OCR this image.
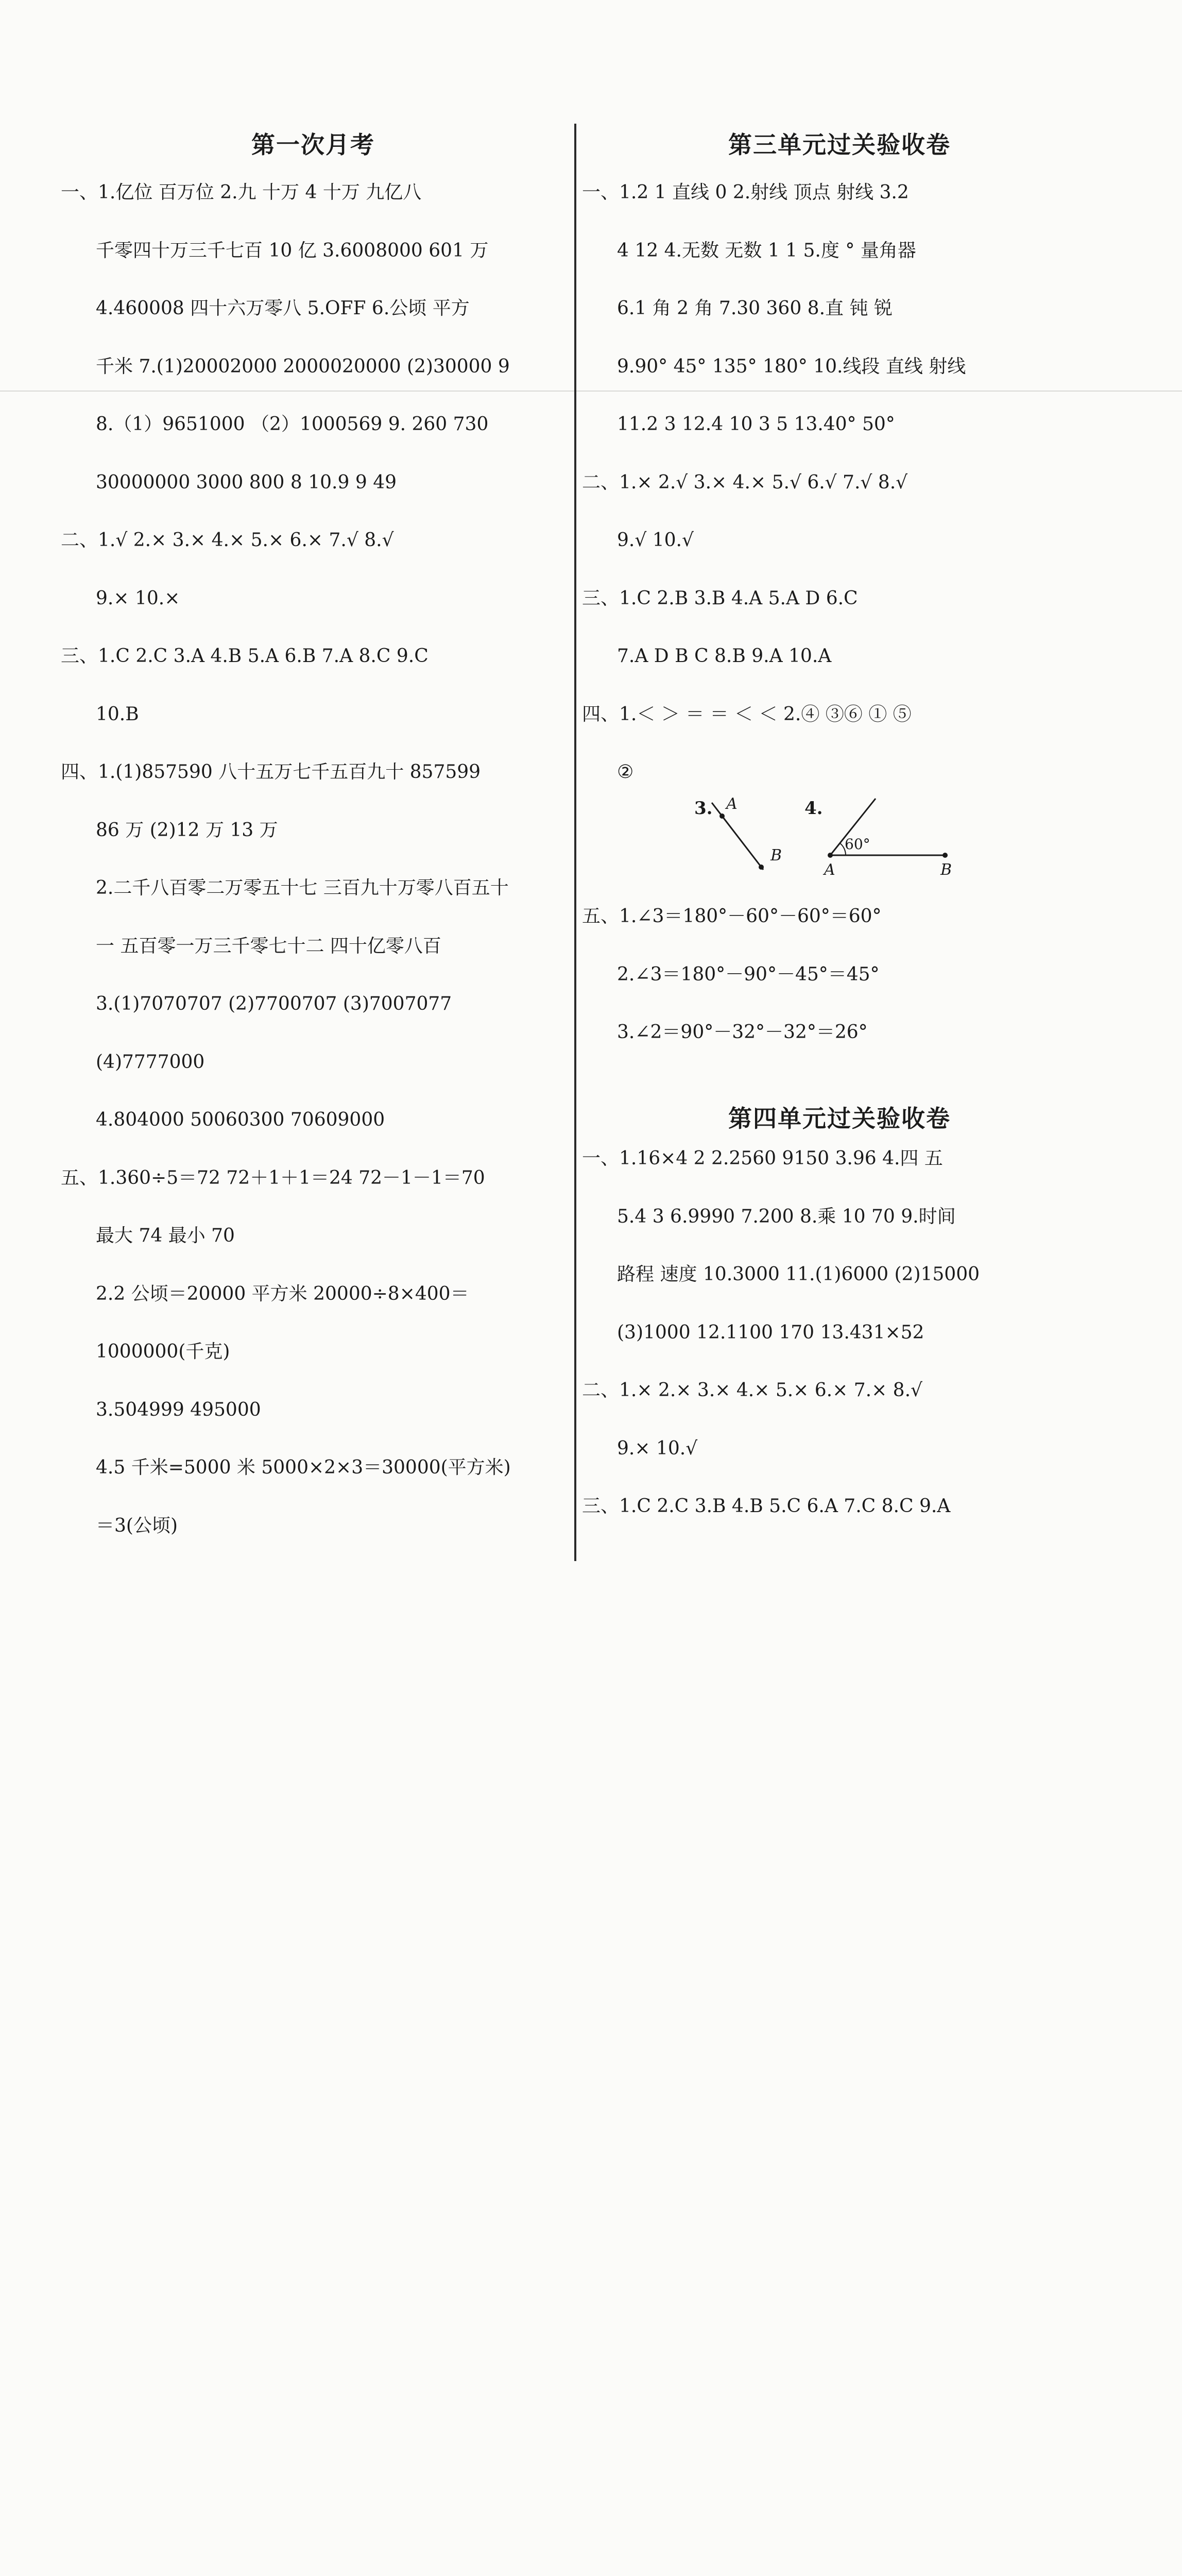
第一次月考
一、1.亿位 百万位 2.九 十万 4 十万 九亿八
千零四十万三千七百 10 亿 3.6008000 601 万
4.460008 四十六万零八 5.OFF 6.公顷 平方
千米 7.(1)20002000 2000020000 (2)30000 9
8.（1）9651000 （2）1000569 9. 260 730
30000000 3000 800 8 10.9 9 49
二、1.√ 2.× 3.× 4.× 5.× 6.× 7.√ 8.√
9.× 10.×
三、1.C 2.C 3.A 4.B 5.A 6.B 7.A 8.C 9.C
10.B
四、1.(1)857590 八十五万七千五百九十 857599
86 万 (2)12 万 13 万
2.二千八百零二万零五十七 三百九十万零八百五十
一 五百零一万三千零七十二 四十亿零八百
3.(1)7070707 (2)7700707 (3)7007077
(4)7777000
4.804000 50060300 70609000
五、1.360÷5＝72 72＋1＋1＝24 72－1－1＝70
最大 74 最小 70
2.2 公顷＝20000 平方米 20000÷8×400＝
1000000(千克)
3.504999 495000
4.5 千米=5000 米 5000×2×3＝30000(平方米)
＝3(公顷)
第三单元过关验收卷
一、1.2 1 直线 0 2.射线 顶点 射线 3.2
4 12 4.无数 无数 1 1 5.度 ° 量角器
6.1 角 2 角 7.30 360 8.直 钝 锐
9.90° 45° 135° 180° 10.线段 直线 射线
11.2 3 12.4 10 3 5 13.40° 50°
二、1.× 2.√ 3.× 4.× 5.√ 6.√ 7.√ 8.√
9.√ 10.√
三、1.C 2.B 3.B 4.A 5.A D 6.C
7.A D B C 8.B 9.A 10.A
四、1.＜ ＞ ＝ ＝ ＜ ＜ 2.④ ③⑥ ① ⑤
②
五、1.∠3＝180°－60°－60°＝60°
2.∠3＝180°－90°－45°＝45°
3.∠2＝90°－32°－32°＝26°
第四单元过关验收卷
一、1.16×4 2 2.2560 9150 3.96 4.四 五
5.4 3 6.9990 7.200 8.乘 10 70 9.时间
路程 速度 10.3000 11.(1)6000 (2)15000
(3)1000 12.1100 170 13.431×52
二、1.× 2.× 3.× 4.× 5.× 6.× 7.× 8.√
9.× 10.√
三、1.C 2.C 3.B 4.B 5.C 6.A 7.C 8.C 9.A
3. A
B
4.
60°
A	B
